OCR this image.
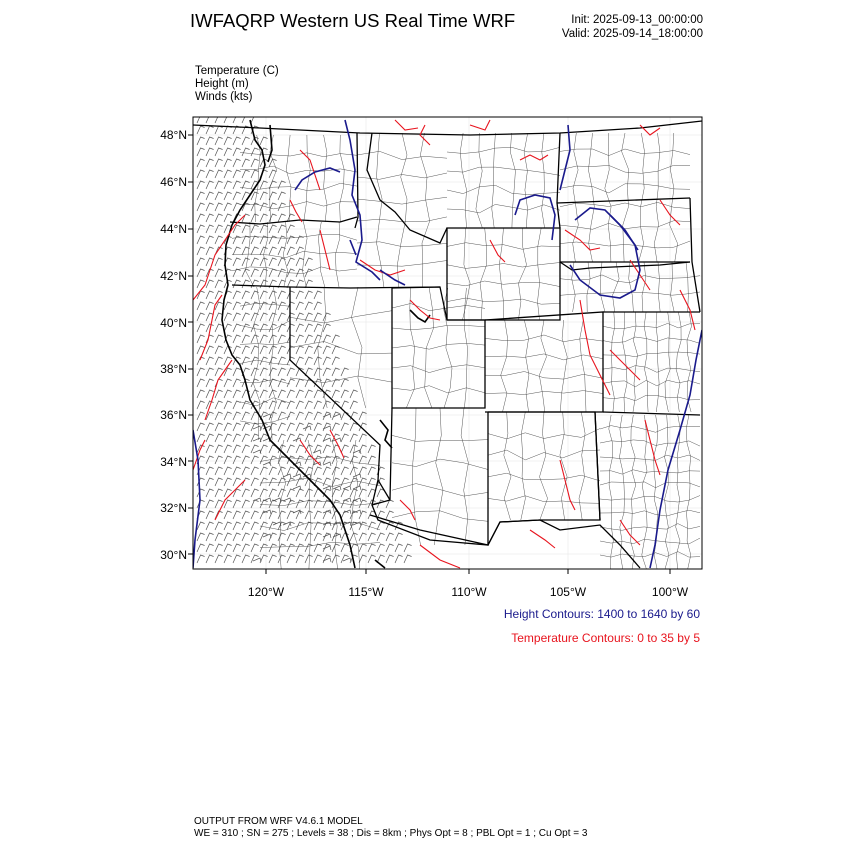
IWFAQRP Western US Real Time WRF	Init: 2025-09-13_00:00:00
Valid: 2025-09-14_18:00:00
Temperature (C)
Height (m)
Winds (kts)
48°N
46°N
44°N
42°N
40°N
38°N
36°N
34°N
32°N
30°N
120°W	115°W	110°W	105°W	100°W
Height Contours: 1400 to 1640 by 60
Temperature Contours: 0 to 35 by 5
OUTPUT FROM WRF V4.6.1 MODEL
WE = 310 ; SN = 275 ; Levels = 38 ; Dis = 8km ; Phys Opt = 8 ; PBL Opt = 1 ; Cu Opt = 3
